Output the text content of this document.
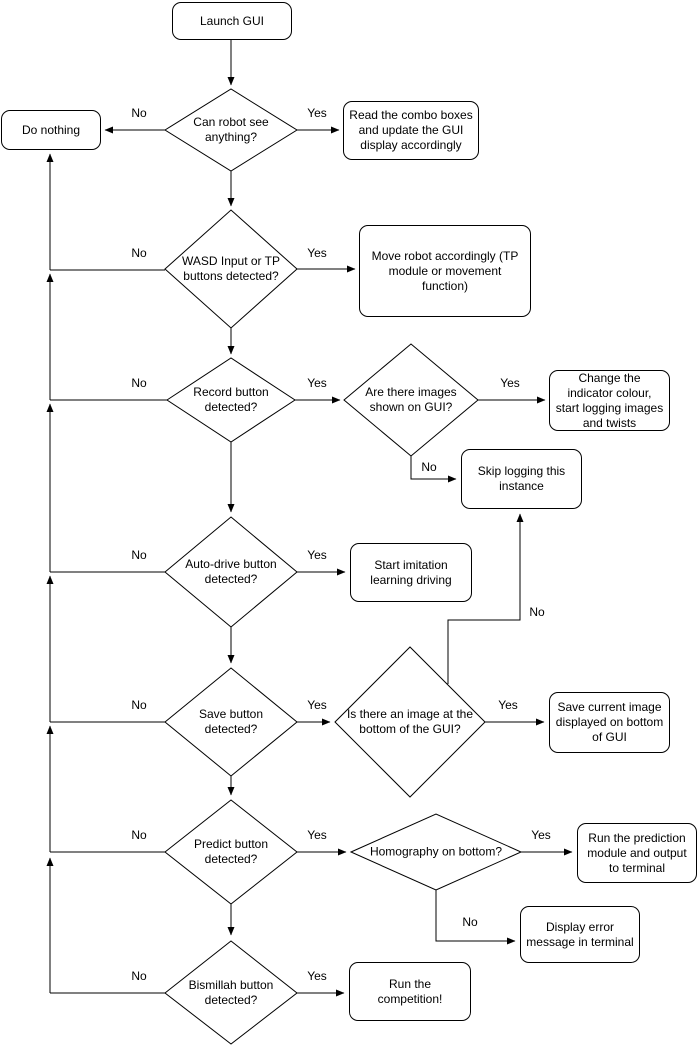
Launch GUI
Do nothing
Read the combo boxes and update the GUI display accordingly
Move robot accordingly (TP module or movement function)
Change the indicator colour, start logging images and twists
Skip logging this instance
Start imitation learning driving
Save current image displayed on bottom of GUI
Run the prediction module and output to terminal
Display error message in terminal
Run the competition!
Can robot see anything?
WASD Input or TP buttons detected?
Record button detected?
Are there images shown on GUI?
Auto-drive button detected?
Save button detected?
Is there an image at the bottom of the GUI?
Predict button detected?
Homography on bottom?
Bismillah button detected?
No	Yes
No	Yes
No	Yes	Yes
No
No	Yes
No
No	Yes	Yes
No	Yes	Yes
No
No	Yes
